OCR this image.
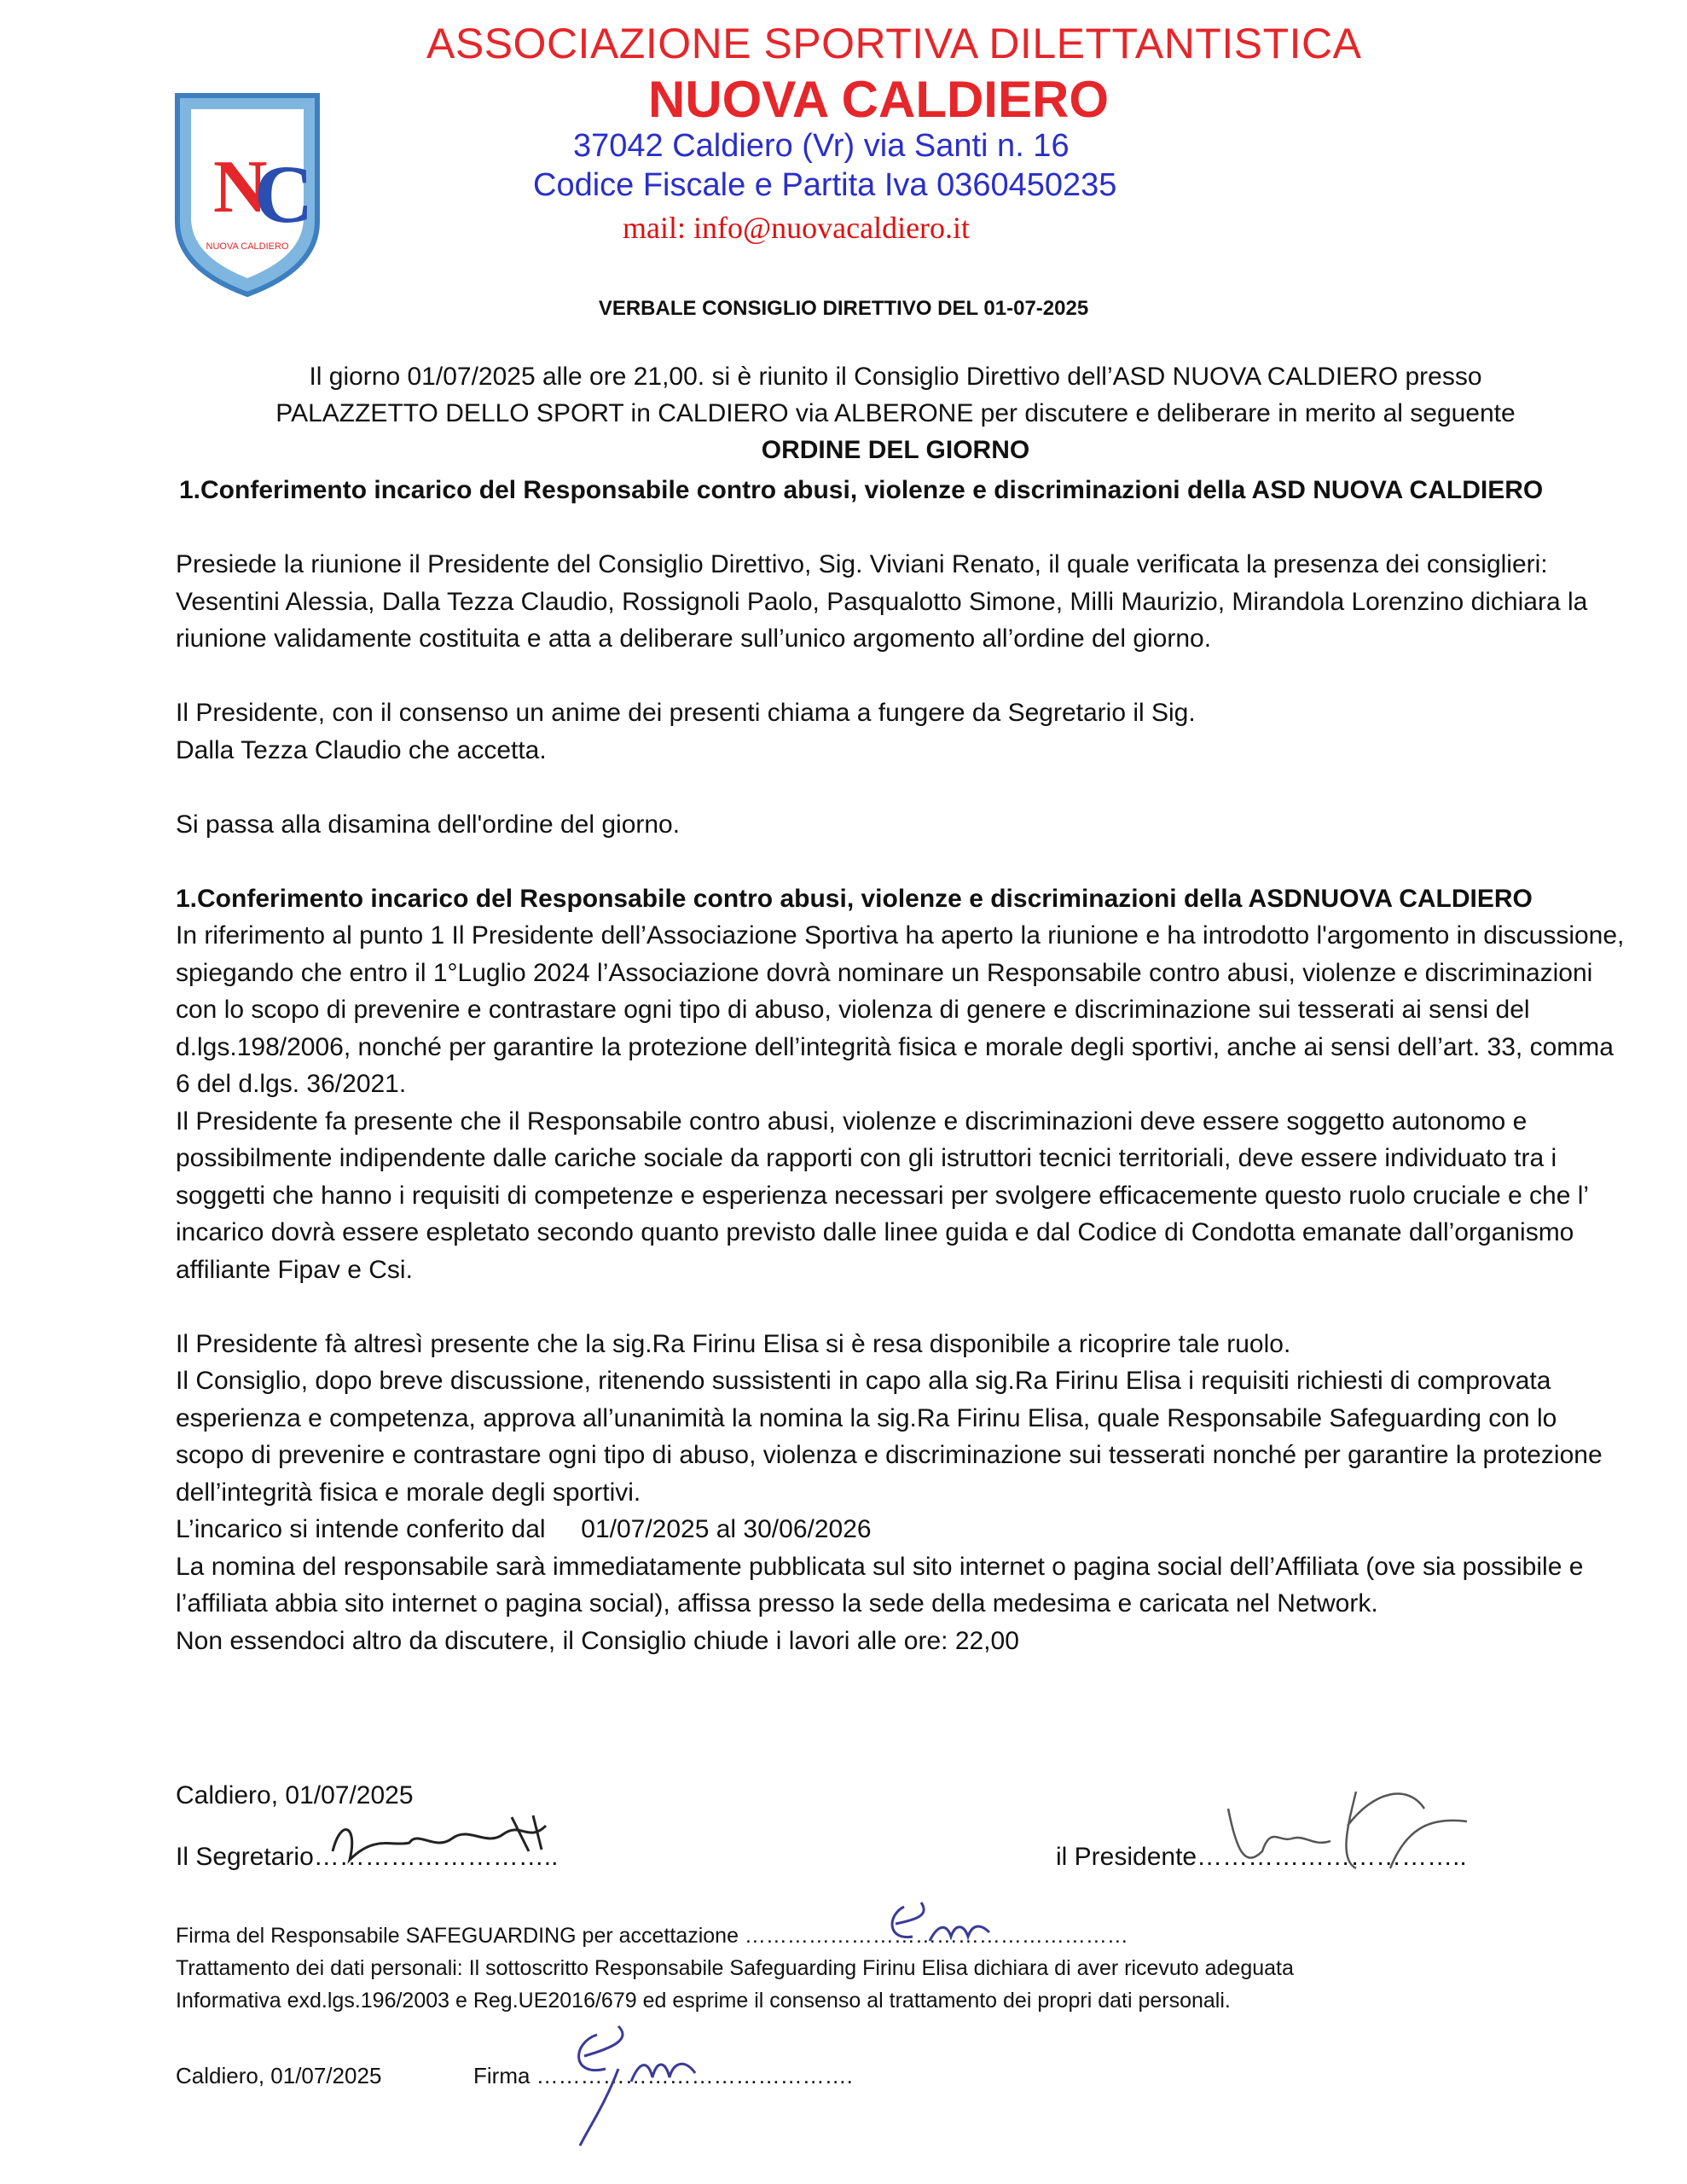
N
C
NUOVA CALDIERO
ASSOCIAZIONE SPORTIVA DILETTANTISTICA
NUOVA CALDIERO
37042 Caldiero (Vr) via Santi n. 16
Codice Fiscale e Partita Iva 0360450235
mail: info@nuovacaldiero.it
VERBALE CONSIGLIO DIRETTIVO DEL 01-07-2025
Il giorno 01/07/2025 alle ore 21,00. si è riunito il Consiglio Direttivo dell’ASD NUOVA CALDIERO presso
PALAZZETTO DELLO SPORT in CALDIERO via ALBERONE per discutere e deliberare in merito al seguente
ORDINE DEL GIORNO
1.Conferimento incarico del Responsabile contro abusi, violenze e discriminazioni della ASD NUOVA CALDIERO

Presiede la riunione il Presidente del Consiglio Direttivo, Sig. Viviani Renato, il quale verificata la presenza dei consiglieri: Vesentini Alessia, Dalla Tezza Claudio, Rossignoli Paolo, Pasqualotto Simone, Milli Maurizio, Mirandola Lorenzino dichiara la riunione validamente costituita e atta a deliberare sull’unico argomento all’ordine del giorno.

Il Presidente, con il consenso un anime dei presenti chiama a fungere da Segretario il Sig.

Dalla Tezza Claudio che accetta.

Si passa alla disamina dell'ordine del giorno.

1.Conferimento incarico del Responsabile contro abusi, violenze e discriminazioni della ASDNUOVA CALDIERO

In riferimento al punto 1 Il Presidente dell’Associazione Sportiva ha aperto la riunione e ha introdotto l'argomento in discussione, spiegando che entro il 1°Luglio 2024 l’Associazione dovrà nominare un Responsabile contro abusi, violenze e discriminazioni con lo scopo di prevenire e contrastare ogni tipo di abuso, violenza di genere e discriminazione sui tesserati ai sensi del d.lgs.198/2006, nonché per garantire la protezione dell’integrità fisica e morale degli sportivi, anche ai sensi dell’art. 33, comma 6 del d.lgs. 36/2021.

Il Presidente fa presente che il Responsabile contro abusi, violenze e discriminazioni deve essere soggetto autonomo e possibilmente indipendente dalle cariche sociale da rapporti con gli istruttori tecnici territoriali, deve essere individuato tra i soggetti che hanno i requisiti di competenze e esperienza necessari per svolgere efficacemente questo ruolo cruciale e che l’ incarico dovrà essere espletato secondo quanto previsto dalle linee guida e dal Codice di Condotta emanate dall’organismo affiliante Fipav e Csi.

Il Presidente fà altresì presente che la sig.Ra Firinu Elisa si è resa disponibile a ricoprire tale ruolo.

Il Consiglio, dopo breve discussione, ritenendo sussistenti in capo alla sig.Ra Firinu Elisa i requisiti richiesti di comprovata esperienza e competenza, approva all’unanimità la nomina la sig.Ra Firinu Elisa, quale Responsabile Safeguarding con lo scopo di prevenire e contrastare ogni tipo di abuso, violenza e discriminazione sui tesserati nonché per garantire la protezione dell’integrità fisica e morale degli sportivi.

L’incarico si intende conferito dal     01/07/2025 al 30/06/2026

La nomina del responsabile sarà immediatamente pubblicata sul sito internet o pagina social dell’Affiliata (ove sia possibile e l’affiliata abbia sito internet o pagina social), affissa presso la sede della medesima e caricata nel Network.

Non essendoci altro da discutere, il Consiglio chiude i lavori alle ore: 22,00

Caldiero, 01/07/2025
Il Segretario………………………..	il Presidente…………………………..

Firma del Responsabile SAFEGUARDING per accettazione ………………………………………………

Trattamento dei dati personali: Il sottoscritto Responsabile Safeguarding Firinu Elisa dichiara di aver ricevuto adeguata

Informativa exd.lgs.196/2003 e Reg.UE2016/679 ed esprime il consenso al trattamento dei propri dati personali.

Caldiero, 01/07/2025	Firma …………………………………….
